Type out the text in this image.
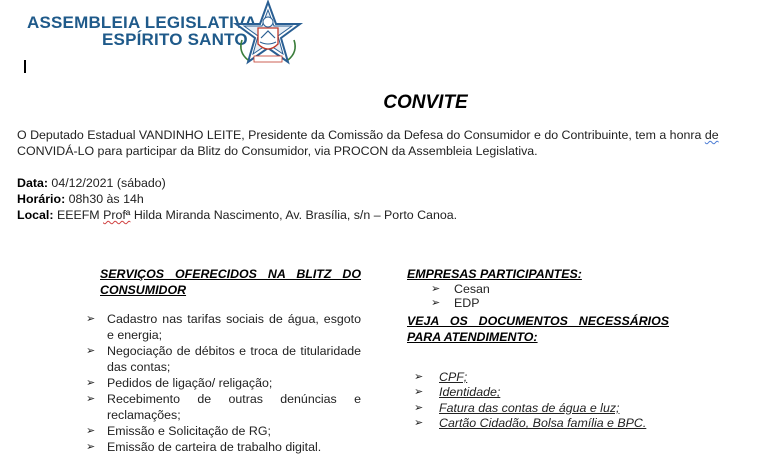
ASSEMBLEIA LEGISLATIVA
ESPÍRITO SANTO
CONVITE
O Deputado Estadual VANDINHO LEITE, Presidente da Comissão da Defesa do Consumidor e do Contribuinte, tem a honra de CONVIDÁ-LO para participar da Blitz do Consumidor, via PROCON da Assembleia Legislativa.
Data: 04/12/2021 (sábado)
Horário: 08h30 às 14h
Local: EEEFM Profª Hilda Miranda Nascimento, Av. Brasília, s/n – Porto Canoa.
SERVIÇOS OFERECIDOS NA BLITZ DO CONSUMIDOR
➢ Cadastro nas tarifas sociais de água, esgoto e energia;
➢ Negociação de débitos e troca de titularidade das contas;
➢ Pedidos de ligação/ religação;
➢ Recebimento de outras denúncias e reclamações;
➢ Emissão e Solicitação de RG;
➢ Emissão de carteira de trabalho digital.
EMPRESAS PARTICIPANTES:
➢ Cesan
➢ EDP
VEJA OS DOCUMENTOS NECESSÁRIOS PARA ATENDIMENTO:
➢ CPF;
➢ Identidade;
➢ Fatura das contas de água e luz;
➢ Cartão Cidadão, Bolsa família e BPC.
